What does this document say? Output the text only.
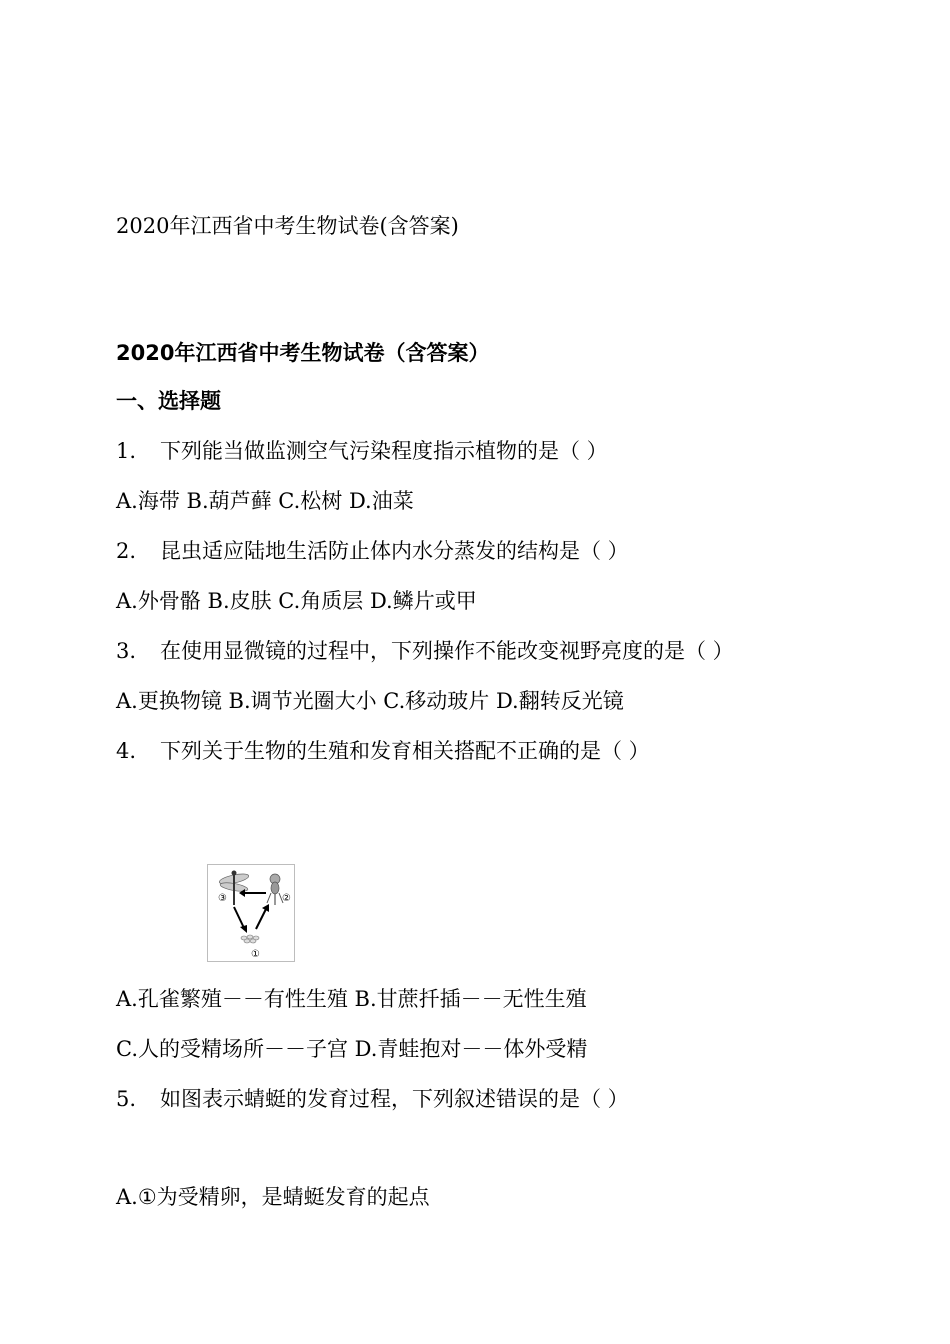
2020年江西省中考生物试卷(含答案)
2020年江西省中考生物试卷（含答案）
一、选择题
1. 下列能当做监测空气污染程度指示植物的是（ ）
A.海带 B.葫芦藓 C.松树 D.油菜
2. 昆虫适应陆地生活防止体内水分蒸发的结构是（ ）
A.外骨骼 B.皮肤 C.角质层 D.鳞片或甲
3. 在使用显微镜的过程中，下列操作不能改变视野亮度的是（ ）
A.更换物镜 B.调节光圈大小 C.移动玻片 D.翻转反光镜
4. 下列关于生物的生殖和发育相关搭配不正确的是（ ）
③	②
①
A.孔雀繁殖－－有性生殖 B.甘蔗扦插－－无性生殖
C.人的受精场所－－子宫 D.青蛙抱对－－体外受精
5. 如图表示蜻蜓的发育过程，下列叙述错误的是（ ）
A.①为受精卵，是蜻蜓发育的起点
